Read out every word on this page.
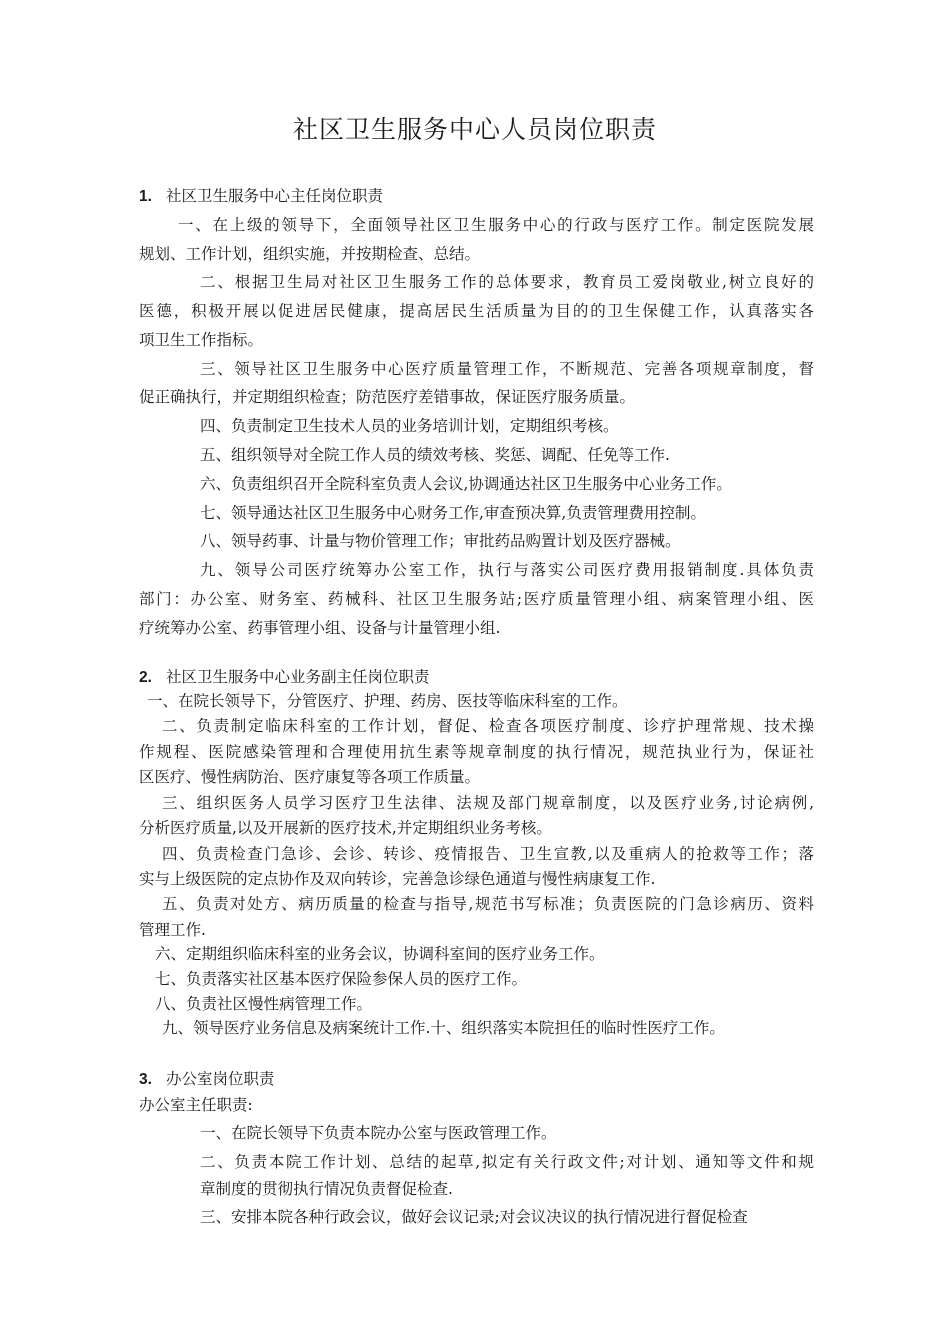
社区卫生服务中心人员岗位职责
1. 社区卫生服务中心主任岗位职责
一、在上级的领导下，全面领导社区卫生服务中心的行政与医疗工作。制定医院发展
规划、工作计划，组织实施，并按期检查、总结。
二、根据卫生局对社区卫生服务工作的总体要求，教育员工爱岗敬业,树立良好的
医德，积极开展以促进居民健康，提高居民生活质量为目的的卫生保健工作，认真落实各
项卫生工作指标。
三、领导社区卫生服务中心医疗质量管理工作，不断规范、完善各项规章制度，督
促正确执行，并定期组织检查；防范医疗差错事故，保证医疗服务质量。
四、负责制定卫生技术人员的业务培训计划，定期组织考核。
五、组织领导对全院工作人员的绩效考核、奖惩、调配、任免等工作.
六、负责组织召开全院科室负责人会议,协调通达社区卫生服务中心业务工作。
七、领导通达社区卫生服务中心财务工作,审查预决算,负责管理费用控制。
八、领导药事、计量与物价管理工作；审批药品购置计划及医疗器械。
九、领导公司医疗统筹办公室工作，执行与落实公司医疗费用报销制度.具体负责
部门：办公室、财务室、药械科、社区卫生服务站;医疗质量管理小组、病案管理小组、医
疗统筹办公室、药事管理小组、设备与计量管理小组.
2. 社区卫生服务中心业务副主任岗位职责
一、在院长领导下，分管医疗、护理、药房、医技等临床科室的工作。
二、负责制定临床科室的工作计划，督促、检查各项医疗制度、诊疗护理常规、技术操
作规程、医院感染管理和合理使用抗生素等规章制度的执行情况，规范执业行为，保证社
区医疗、慢性病防治、医疗康复等各项工作质量。
三、组织医务人员学习医疗卫生法律、法规及部门规章制度，以及医疗业务,讨论病例,
分析医疗质量,以及开展新的医疗技术,并定期组织业务考核。
四、负责检查门急诊、会诊、转诊、疫情报告、卫生宣教,以及重病人的抢救等工作；落
实与上级医院的定点协作及双向转诊，完善急诊绿色通道与慢性病康复工作.
五、负责对处方、病历质量的检查与指导,规范书写标准；负责医院的门急诊病历、资料
管理工作.
六、定期组织临床科室的业务会议，协调科室间的医疗业务工作。
七、负责落实社区基本医疗保险参保人员的医疗工作。
八、负责社区慢性病管理工作。
九、领导医疗业务信息及病案统计工作.十、组织落实本院担任的临时性医疗工作。
3. 办公室岗位职责
办公室主任职责:
一、在院长领导下负责本院办公室与医政管理工作。
二、负责本院工作计划、总结的起草,拟定有关行政文件;对计划、通知等文件和规
章制度的贯彻执行情况负责督促检查.
三、安排本院各种行政会议，做好会议记录;对会议决议的执行情况进行督促检查
